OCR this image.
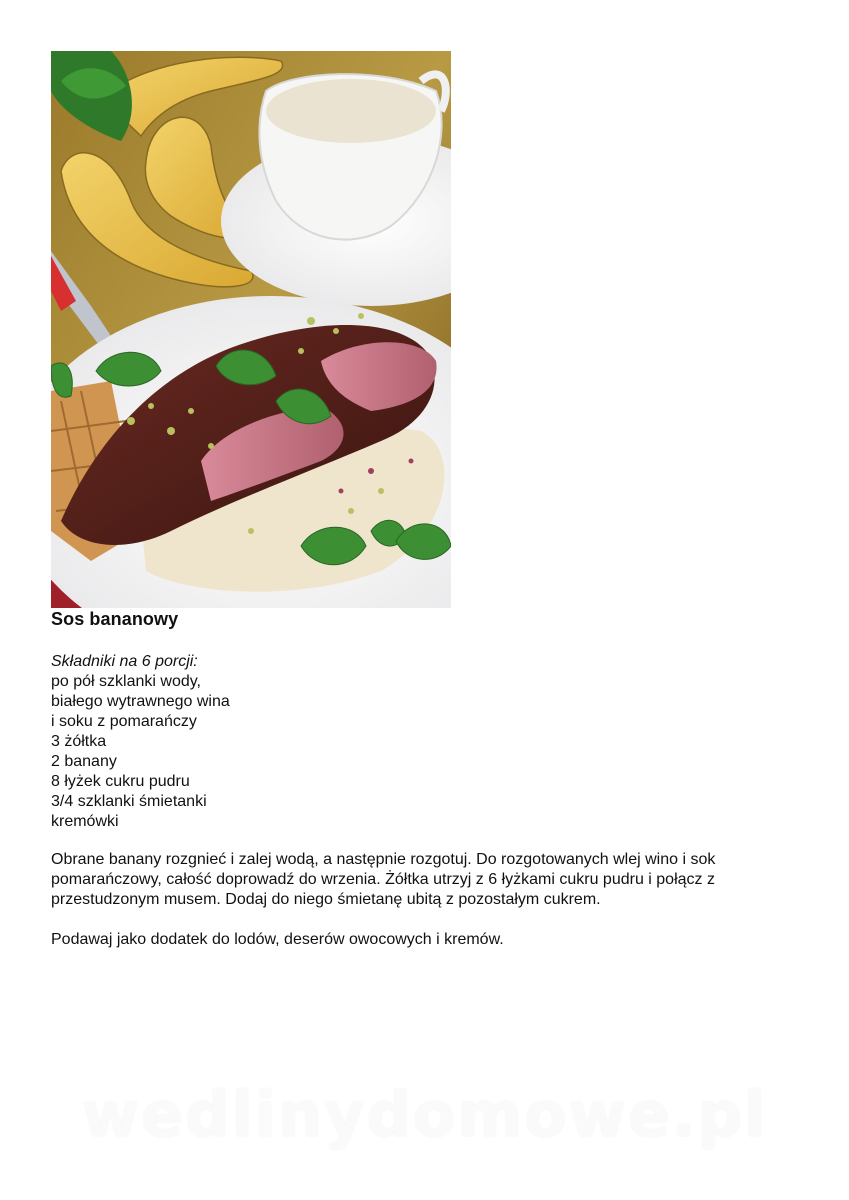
Sos bananowy
Składniki na 6 porcji:
po pół szklanki wody,
białego wytrawnego wina
i soku z pomarańczy
3 żółtka
2 banany
8 łyżek cukru pudru
3/4 szklanki śmietanki
kremówki
Obrane banany rozgnieć i zalej wodą, a następnie rozgotuj. Do rozgotowanych wlej wino i sok pomarańczowy, całość doprowadź do wrzenia. Żółtka utrzyj z 6 łyżkami cukru pudru i połącz z przestudzonym musem. Dodaj do niego śmietanę ubitą z pozostałym cukrem.
Podawaj jako dodatek do lodów, deserów owocowych i kremów.
wedlinydomowe.pl
